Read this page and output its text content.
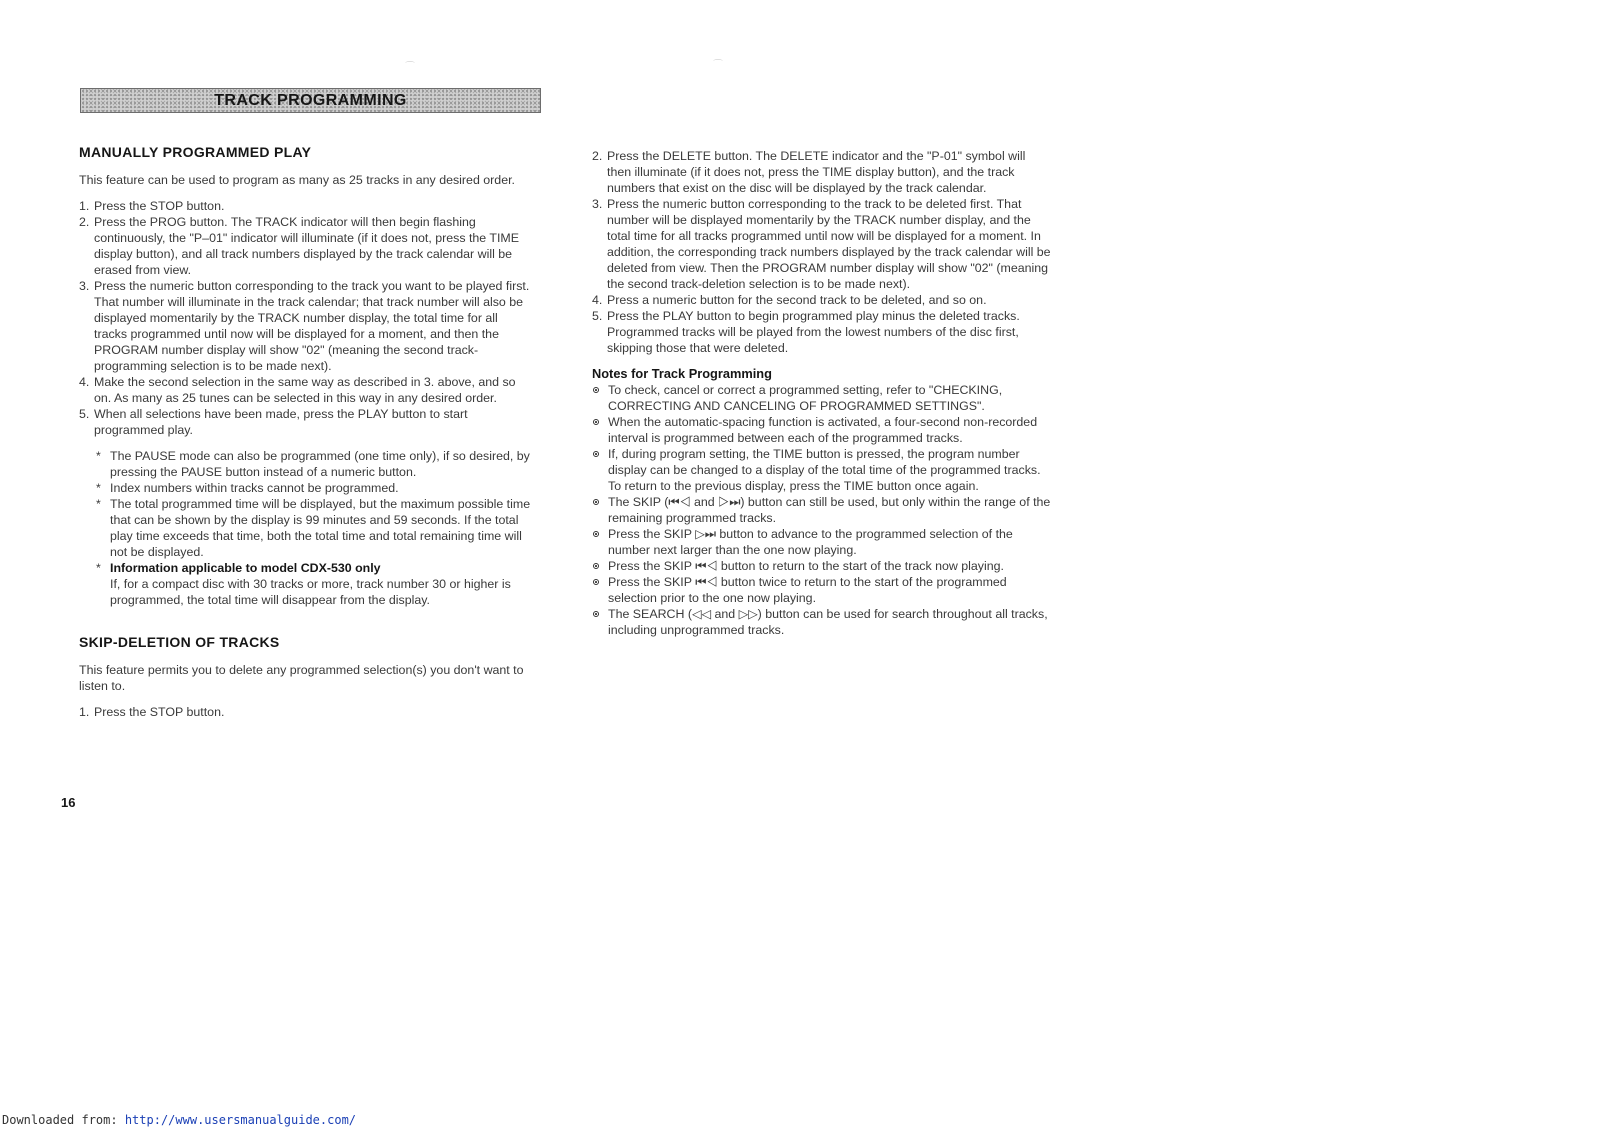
TRACK PROGRAMMING
⌒	⌒
MANUALLY PROGRAMMED PLAY

This feature can be used to program as many as 25 tracks in any desired order.

1. Press the STOP button.
2. Press the PROG button. The TRACK indicator will then begin flashing continuously, the "P–01" indicator will illuminate (if it does not, press the TIME display button), and all track numbers displayed by the track calendar will be erased from view.
3. Press the numeric button corresponding to the track you want to be played first. That number will illuminate in the track calendar; that track number will also be displayed momentarily by the TRACK number display, the total time for all tracks programmed until now will be displayed for a moment, and then the PROGRAM number display will show "02" (meaning the second track-programming selection is to be made next).
4. Make the second selection in the same way as described in 3. above, and so on. As many as 25 tunes can be selected in this way in any desired order.
5. When all selections have been made, press the PLAY button to start programmed play.
* The PAUSE mode can also be programmed (one time only), if so desired, by pressing the PAUSE button instead of a numeric button.
* Index numbers within tracks cannot be programmed.
* The total programmed time will be displayed, but the maximum possible time that can be shown by the display is 99 minutes and 59 seconds. If the total play time exceeds that time, both the total time and total remaining time will not be displayed.
* Information applicable to model CDX-530 only
If, for a compact disc with 30 tracks or more, track number 30 or higher is programmed, the total time will disappear from the display.
SKIP-DELETION OF TRACKS

This feature permits you to delete any programmed selection(s) you don't want to listen to.

1. Press the STOP button.
16
2. Press the DELETE button. The DELETE indicator and the "P-01" symbol will then illuminate (if it does not, press the TIME display button), and the track numbers that exist on the disc will be displayed by the track calendar.
3. Press the numeric button corresponding to the track to be deleted first. That number will be displayed momentarily by the TRACK number display, and the total time for all tracks programmed until now will be displayed for a moment. In addition, the corresponding track numbers displayed by the track calendar will be deleted from view. Then the PROGRAM number display will show "02" (meaning the second track-deletion selection is to be made next).
4. Press a numeric button for the second track to be deleted, and so on.
5. Press the PLAY button to begin programmed play minus the deleted tracks. Programmed tracks will be played from the lowest numbers of the disc first, skipping those that were deleted.
Notes for Track Programming
To check, cancel or correct a programmed setting, refer to "CHECKING, CORRECTING AND CANCELING OF PROGRAMMED SETTINGS".
When the automatic-spacing function is activated, a four-second non-recorded interval is programmed between each of the programmed tracks.
If, during program setting, the TIME button is pressed, the program number display can be changed to a display of the total time of the programmed tracks. To return to the previous display, press the TIME button once again.
The SKIP (⏮◁ and ▷⏭) button can still be used, but only within the range of the remaining programmed tracks.
Press the SKIP ▷⏭ button to advance to the programmed selection of the number next larger than the one now playing.
Press the SKIP ⏮◁ button to return to the start of the track now playing.
Press the SKIP ⏮◁ button twice to return to the start of the programmed selection prior to the one now playing.
The SEARCH (◁◁ and ▷▷) button can be used for search throughout all tracks, including unprogrammed tracks.
Downloaded from: http://www.usersmanualguide.com/
